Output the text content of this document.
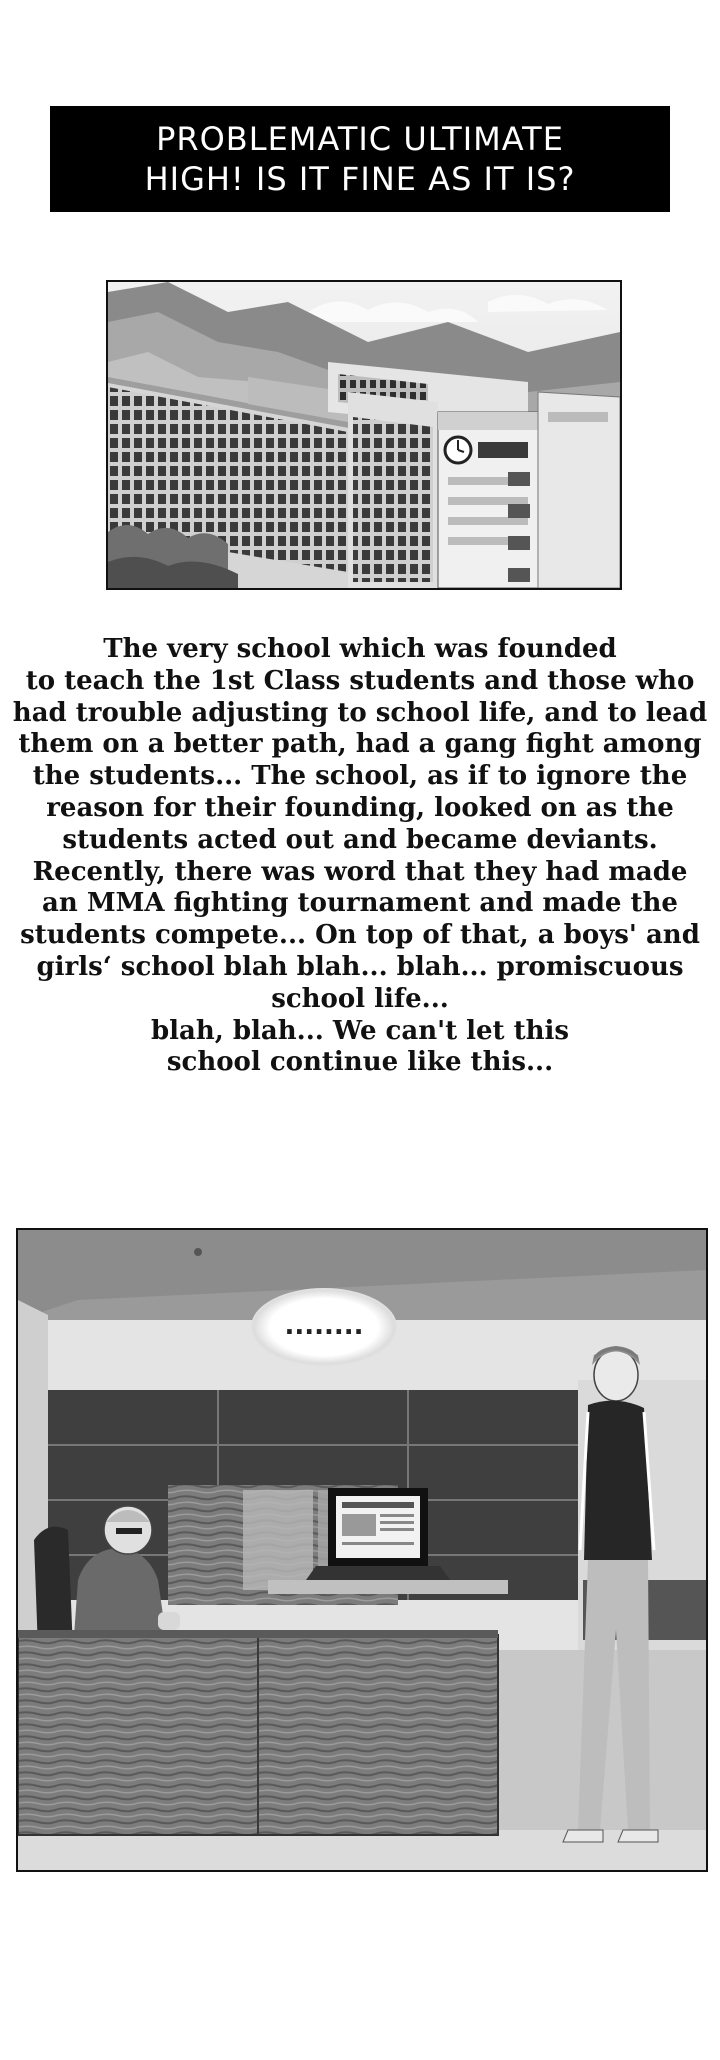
PROBLEMATIC ULTIMATE
HIGH! IS IT FINE AS IT IS?
The very school which was founded
to teach the 1st Class students and those who
had trouble adjusting to school life, and to lead
them on a better path, had a gang fight among
the students... The school, as if to ignore the
reason for their founding, looked on as the
students acted out and became deviants.
Recently, there was word that they had made
an MMA fighting tournament and made the
students compete... On top of that, a boys' and
girls‘ school blah blah... blah... promiscuous
school life...
blah, blah... We can't let this
school continue like this...
........
